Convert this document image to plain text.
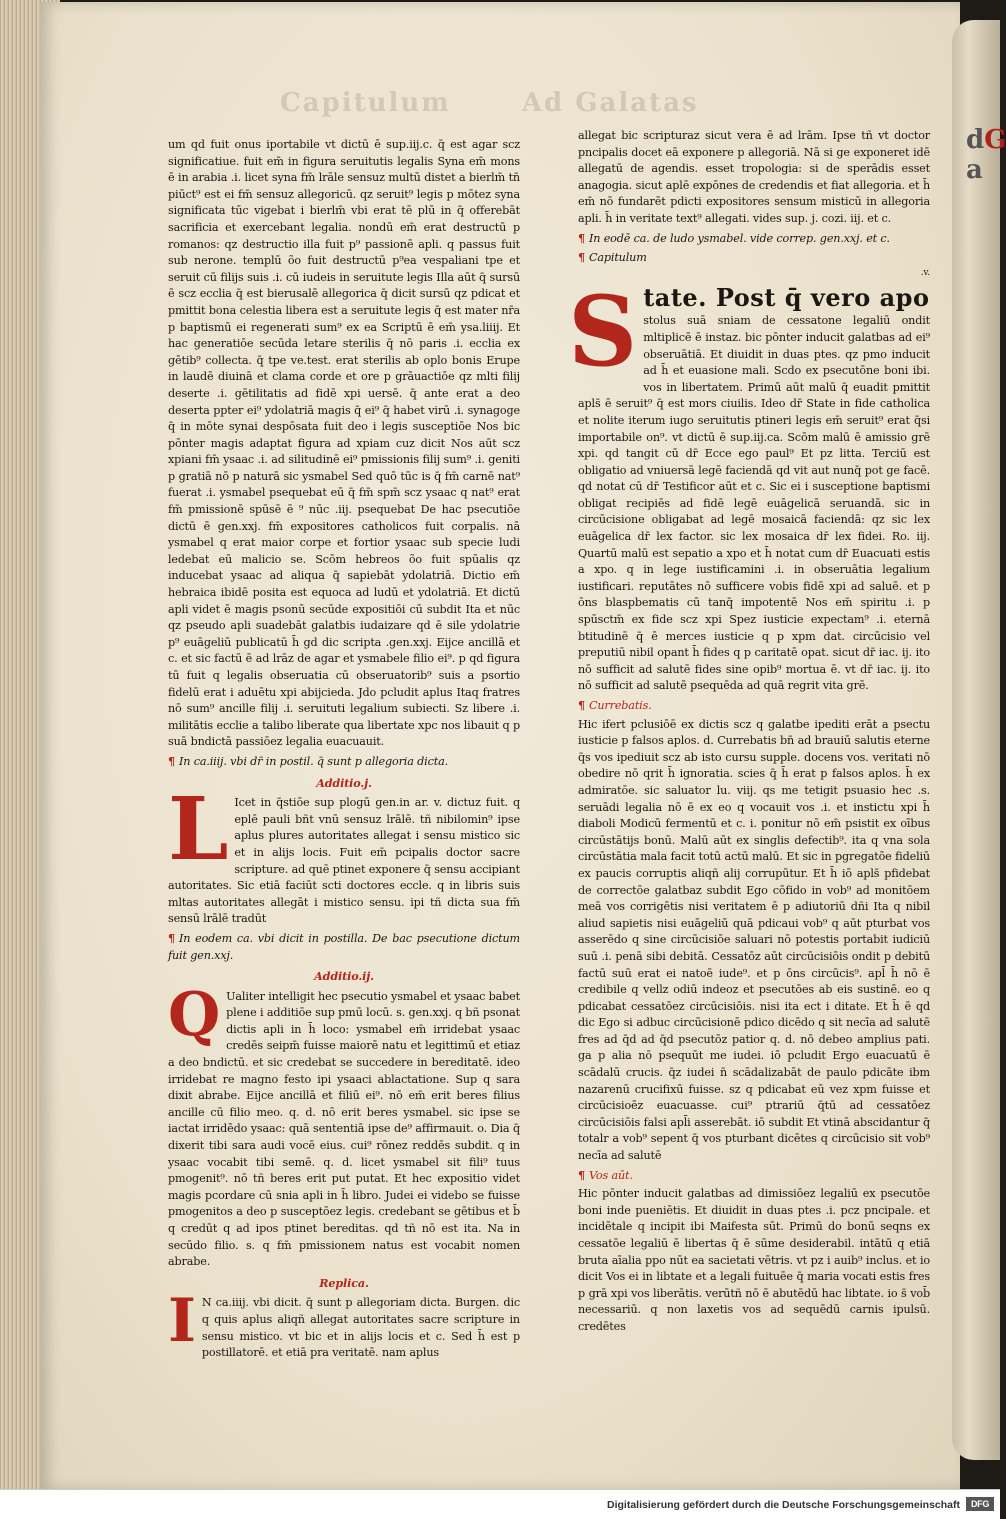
dG
a
Capitulum	Ad Galatas

um qd fuit onus iportabile vt dictū ē sup.iij.c. q̄ est agar scz significatiue. fuit em̄ in figura seruitutis legalis Syna em̄ mons ē in arabia .i. licet syna fm̄ lrāle sensuz multū distet a bierlm̄ tn̄ piūct⁹ est ei fm̄ sensuz allegoricū. qz seruit⁹ legis p mōtez syna significata tūc vigebat i bierlm̄ vbi erat tē plū in q̄ offerebāt sacrificia et exercebant legalia. nondū em̄ erat destructū p romanos: qz destructio illa fuit p⁹ passionē apli. q passus fuit sub nerone. templū õo fuit destructū p⁹ea vespaliani tpe et seruit cū filijs suis .i. cū iudeis in seruitute legis Illa aūt q̄ sursū ē scz ecclia q̄ est bierusalē allegorica q̄ dicit sursū qz pdicat et pmittit bona celestia libera est a seruitute legis q̄ est mater nr̄a p baptismū ei regenerati sum⁹ ex ea Scriptū ē em̄ ysa.liiij. Et hac generatiōe secūda letare sterilis q̄ nō paris .i. ecclia ex gētib⁹ collecta. q̄ tpe ve.test. erat sterilis ab oplo bonis Erupe in laudē diuinā et clama corde et ore p grāuactiōe qz mlti filij deserte .i. gētilitatis ad fidē xpi uersē. q̄ ante erat a deo deserta ppter ei⁹ ydolatriā magis q̄ ei⁹ q̄ habet virū .i. synagoge q̄ in mōte synai despōsata fuit deo i legis susceptiōe Nos bic pōnter magis adaptat figura ad xpiam cuz dicit Nos aūt scz xpiani fm̄ ysaac .i. ad silitudinē ei⁹ pmissionis filij sum⁹ .i. geniti p gratiā nō p naturā sic ysmabel Sed quō tūc is q̄ fm̄ carnē nat⁹ fuerat .i. ysmabel psequebat eū q̄ fm̄ spm̄ scz ysaac q nat⁹ erat fm̄ pmissionē spūsē ē ⁹ nūc .iij. psequebat De hac psecutiōe dictū ē gen.xxj. fm̄ expositores catholicos fuit corpalis. nā ysmabel q erat maior corpe et fortior ysaac sub specie ludi ledebat eū malicio se. Scōm hebreos õo fuit spūalis qz inducebat ysaac ad aliqua q̄ sapiebāt ydolatriā. Dictio em̄ hebraica ibidē posita est equoca ad ludū et ydolatriā. Et dictū apli videt ē magis psonū secūde expositiōi cū subdit Ita et nūc qz pseudo apli suadebāt galatbis iudaizare qd ē sile ydolatrie p⁹ euāgeliū publicatū h̄ gd dic scripta .gen.xxj. Eijce ancillā et c. et sic factū ē ad lrāz de agar et ysmabele filio ei⁹. p qd figura tū fuit q legalis obseruatia cū obseruatorib⁹ suis a psortio fidelū erat i aduētu xpi abijcieda. Jdo pcludit aplus Itaq fratres nō sum⁹ ancille filij .i. seruituti legalium subiecti. Sz libere .i. militātis ecclie a talibo liberate qua libertate xpc nos libauit q p suā bndictā passiōez legalia euacuauit.

¶ In ca.iiij. vbi dr̄ in postil. q̄ sunt p allegoria dicta.
Additio.j.
L Icet in q̄stiōe sup plogū gen.in ar. v. dictuz fuit. q eplē pauli bñt vnū sensuz lrālē. tñ nibilomin⁹ ipse aplus plures autoritates allegat i sensu mistico sic et in alijs locis. Fuit em̄ pcipalis doctor sacre scripture. ad quē ptinet exponere q̄ sensu accipiant autoritates. Sic etiā faciūt scti doctores eccle. q in libris suis mltas autoritates allegāt i mistico sensu. ipi tñ dicta sua fm̄ sensū lrālē tradūt

¶ In eodem ca. vbi dicit in postilla. De bac psecutione dictum fuit gen.xxj.
Additio.ij.
Q Ualiter intelligit hec psecutio ysmabel et ysaac babet plene i additiōe sup pmū locū. s. gen.xxj. q bñ psonat dictis apli in h̄ loco: ysmabel em̄ irridebat ysaac credēs seipm̄ fuisse maiorē natu et legittimū et etiaz a deo bndictū. et sic credebat se succedere in bereditatē. ideo irridebat re magno festo ipi ysaaci ablactatione. Sup q sara dixit abrabe. Eijce ancillā et filiū ei⁹. nō em̄ erit beres filius ancille cū filio meo. q. d. nō erit beres ysmabel. sic ipse se iactat irridēdo ysaac: quā sententiā ipse de⁹ affirmauit. o. Dia q̄ dixerit tibi sara audi vocē eius. cui⁹ rōnez reddēs subdit. q in ysaac vocabit tibi semē. q. d. licet ysmabel sit fili⁹ tuus pmogenit⁹. nō tñ beres erit put putat. Et hec expositio videt magis pcordare cū snia apli in h̄ libro. Judei ei videbo se fuisse pmogenitos a deo p susceptōez legis. credebant se gētibus et b̄ q credūt q ad ipos ptinet bereditas. qd tñ nō est ita. Na in secūdo filio. s. q fm̄ pmissionem natus est vocabit nomen abrabe.

Replica.
I N ca.iiij. vbi dicit. q̄ sunt p allegoriam dicta. Burgen. dic q quis aplus aliqñ allegat autoritates sacre scripture in sensu mistico. vt bic et in alijs locis et c. Sed h̄ est p postillatorē. et etiā pra veritatē. nam aplus

allegat bic scripturaz sicut vera ē ad lrām. Ipse tñ vt doctor pncipalis docet eā exponere p allegoriā. Nā si ge exponeret idē allegatū de agendis. esset tropologia: si de sperādis esset anagogia. sicut aplē expōnes de credendis et fiat allegoria. et h̄ em̄ nō fundarēt pdicti expositores sensum misticū in allegoria apli. h̄ in veritate text⁹ allegati. vides sup. j. cozi. iij. et c.

¶ In eodē ca. de ludo ysmabel. vide correp. gen.xxj. et c.
¶ Capitulum
.v.
S tate. Post q̄ vero apo

stolus suā sniam de cessatone legaliū ondit mltiplicē ē instaz. bic pōnter inducit galatbas ad ei⁹ obseruātiā. Et diuidit in duas ptes. qz pmo inducit ad h̄ et euasione mali. Scdo ex psecutōne boni ibi. vos in libertatem. Primū aūt malū q̄ euadit pmittit apls̄ ē seruit⁹ q̄ est mors ciuilis. Ideo dr̄ State in fide catholica et nolite iterum iugo seruitutis ptineri legis em̄ seruit⁹ erat q̄si importabile on⁹. vt dictū ē sup.iij.ca. Scōm malū ē amissio grē xpi. qd tangit cū dr̄ Ecce ego paul⁹ Et pz litta. Terciū est obligatio ad vniuersā legē faciendā qd vit aut nunq̄ pot ge facē. qd notat cū dr̄ Testificor aūt et c. Sic ei i susceptione baptismi obligat recipiēs ad fidē legē euāgelicā seruandā. sic in circūcisione obligabat ad legē mosaicā faciendā: qz sic lex euāgelica dr̄ lex factor. sic lex mosaica dr̄ lex fidei. Ro. iij. Quartū malū est sepatio a xpo et h̄ notat cum dr̄ Euacuati estis a xpo. q in lege iustificamini .i. in obseruātia legalium iustificari. reputātes nō sufficere vobis fidē xpi ad saluē. et p ōns blaspbematis cū tanq̄ impotentē Nos em̄ spiritu .i. p spūsctm̄ ex fide scz xpi Spez iusticie expectam⁹ .i. eternā btitudinē q̄ ē merces iusticie q p xpm dat. circūcisio vel preputiū nibil opant h̄ fides q p caritatē opat. sicut dr̄ iac. ij. ito nō sufficit ad salutē fides sine opib⁹ mortua ē. vt dr̄ iac. ij. ito nō sufficit ad salutē psequēda ad quā regrit vita grē.

¶ Currebatis.

Hic ifert pclusiōē ex dictis scz q galatbe ipediti erāt a psectu iusticie p falsos aplos. d. Currebatis bn̄ ad brauiū salutis eterne q̄s vos ipediuit scz ab isto cursu supple. docens vos. veritati nō obedire nō qrit h̄ ignoratia. scies q̄ h̄ erat p falsos aplos. h̄ ex admiratōe. sic saluator lu. viij. qs me tetigit psuasio hec .s. seruādi legalia nō ē ex eo q vocauit vos .i. et instictu xpi h̄ diaboli Modicū fermentū et c. i. ponitur nō em̄ psistit ex oībus circūstātijs bonū. Malū aūt ex singlis defectib⁹. ita q vna sola circūstātia mala facit totū actū malū. Et sic in pgregatōe fideliū ex paucis corruptis aliqñ alij corrupūtur. Et h̄ iō apls̄ pfidebat de correctōe galatbaz subdit Ego cōfido in vob⁹ ad monitōem meā vos corrigētis nisi veritatem ē p adiutoriū dñi Ita q nibil aliud sapietis nisi euāgeliū quā pdicaui vob⁹ q aūt pturbat vos asserēdo q sine circūcisiōe saluari nō potestis portabit iudiciū suū .i. penā sibi debitā. Cessatōz aūt circūcisiōis ondit p debitū factū suū erat ei natoē iude⁹. et p ōns circūcis⁹. apl̄ h̄ nō ē credibile q vellz odiū indeoz et psecutōes ab eis sustinē. eo q pdicabat cessatōez circūcisiōis. nisi ita ect i ditate. Et h̄ ē qd dic Ego si adbuc circūcisionē pdico dicēdo q sit necīa ad salutē fres ad q̄d ad q̄d psecutōz patior q. d. nō debeo amplius pati. ga p alia nō psequūt me iudei. iō pcludit Ergo euacuatū ē scādalū crucis. q̄z iudei n̄ scādalizabāt de paulo pdicāte ibm nazarenū crucifixū fuisse. sz q pdicabat eū vez xpm fuisse et circūcisioēz euacuasse. cui⁹ ptrariū q̄tū ad cessatōez circūcisiōis falsi apl̄i asserebāt. iō subdit Et vtinā abscidantur q̄ totalr a vob⁹ sepent q̄ vos pturbant dicētes q circūcisio sit vob⁹ necīa ad salutē

¶ Vos aūt.

Hic pōnter inducit galatbas ad dimissiōez legaliū ex psecutōe boni inde pueniētis. Et diuidit in duas ptes .i. pcz pncipale. et incidētale q incipit ibi Maifesta sūt. Primū do bonū seqns ex cessatōe legaliū ē libertas q̄ ē sūme desiderabil. intātū q etiā bruta aīalia ppo nūt ea sacietati vētris. vt pz i auib⁹ inclus. et io dicit Vos ei in libtate et a legali fuituēe q̄ maria vocati estis fres p grā xpi vos liberātis. verūtñ nō ē abutēdū hac libtate. io s̄ vob̄ necessariū. q non laxetis vos ad sequēdū carnis ipulsū. credētes

Digitalisierung gefördert durch die Deutsche Forschungsgemeinschaft	DFG
